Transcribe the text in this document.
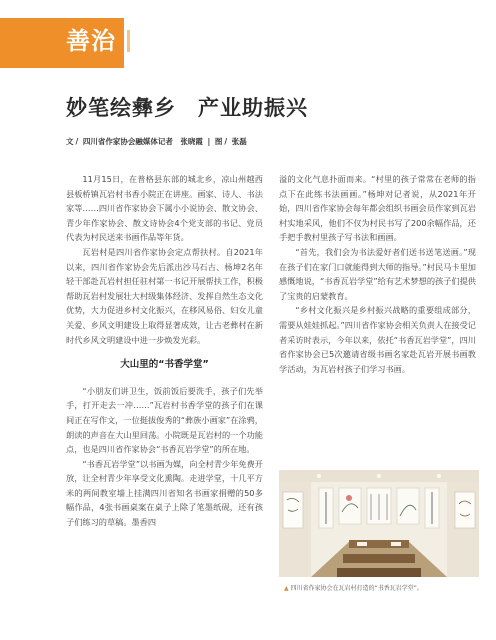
善治
妙笔绘彝乡 产业助振兴
文 / 四川省作家协会融媒体记者　张晓霞 | 图 / 张磊

11月15日，在普格县东部的城北乡，凉山州越西县板桥镇瓦岩村书香小院正在讲座。画家、诗人、书法家等……四川省作家协会下属小小说协会、散文协会、青少年作家协会、散文诗协会4个党支部的书记、党员代表为村民送来书画作品等年货。

瓦岩村是四川省作家协会定点帮扶村。自2021年以来，四川省作家协会先后派出沙马石古、杨坤2名年轻干部赴瓦岩村担任驻村第一书记开展帮扶工作，积极帮助瓦岩村发展壮大村级集体经济、发挥自然生态文化优势，大力促进乡村文化振兴，在移风易俗、妇女儿童关爱、乡风文明建设上取得显著成效，让古老彝村在新时代乡风文明建设中进一步焕发光彩。

大山里的“书香学堂”

“小朋友们讲卫生，饭前饭后要洗手，孩子们先举手，打开走去一冲……”瓦岩村书香学堂的孩子们在课间正在写作文，一位挺拔俊秀的“彝族小画家”在涂鸦，朗读的声音在大山里回荡。小院既是瓦岩村的一个功能点，也是四川省作家协会“书香瓦岩学堂”的所在地。

“书香瓦岩学堂”以书画为媒，向全村青少年免费开放，让全村青少年享受文化熏陶。走进学堂，十几平方米的两间教室墙上挂满四川省知名书画家捐赠的50多幅作品，4张书画桌案在桌子上除了笔墨纸砚，还有孩子们练习的草稿。墨香四

溢的文化气息扑面而来。“村里的孩子常常在老师的指点下在此练书法画画。”杨坤对记者说，从2021年开始，四川省作家协会每年都会组织书画会员作家到瓦岩村实地采风，他们不仅为村民书写了200余幅作品，还手把手教村里孩子写书法和画画。

“首先，我们会为书法爱好者们送书送笔送画。”现在孩子们在家门口就能得到大师的指导。”村民马卡里加感慨地说，“书香瓦岩学堂”给有艺术梦想的孩子们提供了宝贵的启蒙教育。

“乡村文化振兴是乡村振兴战略的重要组成部分，需要从娃娃抓起。”四川省作家协会相关负责人在接受记者采访时表示，今年以来，依托“书香瓦岩学堂”，四川省作家协会已5次邀请省级书画名家赴瓦岩开展书画教学活动，为瓦岩村孩子们学习书画。

▲ 四川省作家协会在瓦岩村打造的“书香瓦岩学堂”。
